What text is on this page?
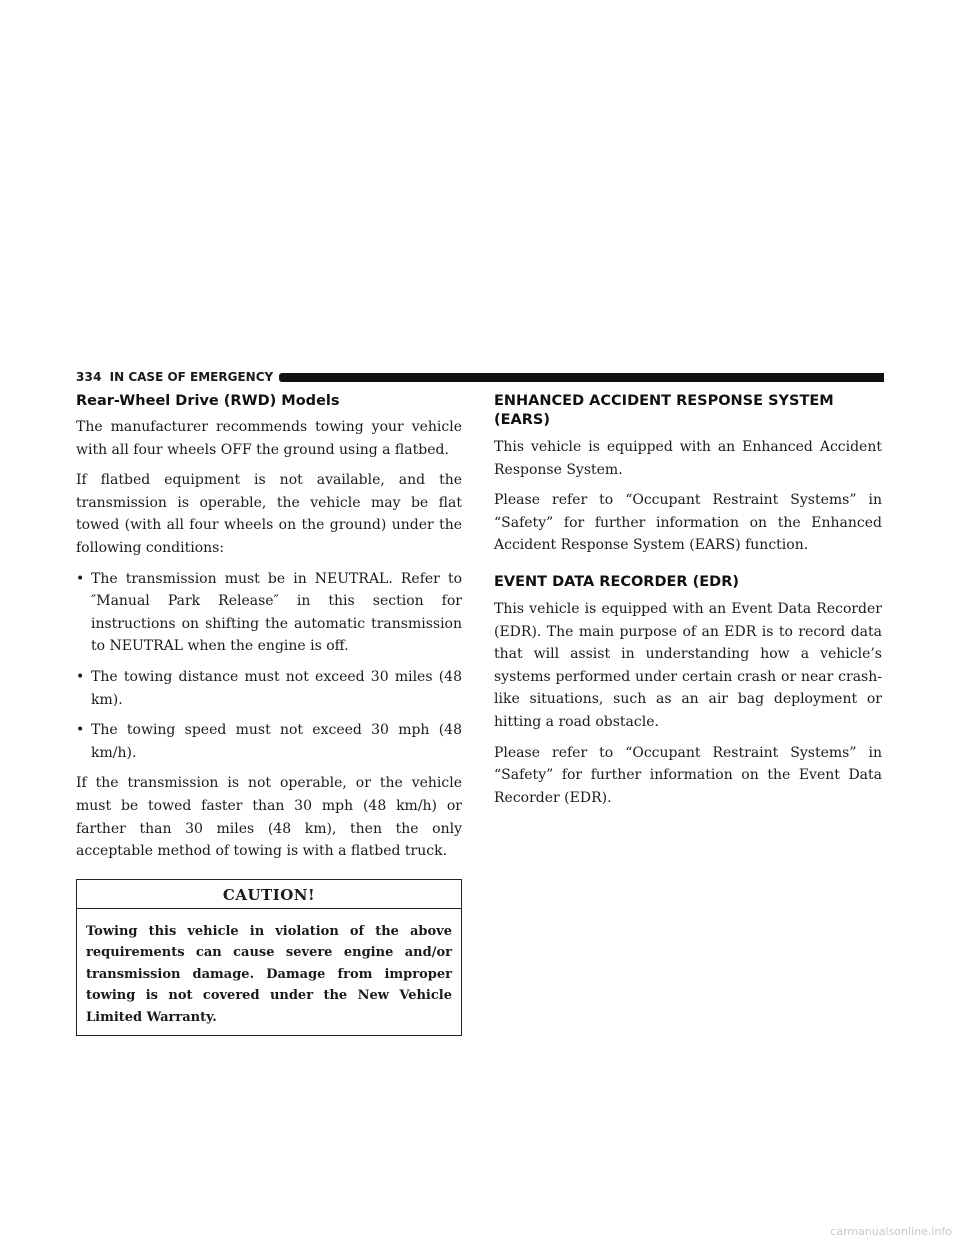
334 IN CASE OF EMERGENCY
Rear-Wheel Drive (RWD) Models

The manufacturer recommends towing your vehicle with all four wheels OFF the ground using a flatbed.

If flatbed equipment is not available, and the transmission is operable, the vehicle may be flat towed (with all four wheels on the ground) under the following conditions:

• The transmission must be in NEUTRAL. Refer to ″Manual Park Release″ in this section for instructions on shifting the automatic transmission to NEUTRAL when the engine is off.
• The towing distance must not exceed 30 miles (48 km).
• The towing speed must not exceed 30 mph (48 km/h).

If the transmission is not operable, or the vehicle must be towed faster than 30 mph (48 km/h) or farther than 30 miles (48 km), then the only acceptable method of towing is with a flatbed truck.

CAUTION!
Towing this vehicle in violation of the above requirements can cause severe engine and/or transmission damage. Damage from improper towing is not covered under the New Vehicle Limited Warranty.
ENHANCED ACCIDENT RESPONSE SYSTEM (EARS)

This vehicle is equipped with an Enhanced Accident Response System.

Please refer to “Occupant Restraint Systems” in “Safety” for further information on the Enhanced Accident Response System (EARS) function.

EVENT DATA RECORDER (EDR)

This vehicle is equipped with an Event Data Recorder (EDR). The main purpose of an EDR is to record data that will assist in understanding how a vehicle’s systems performed under certain crash or near crash-like situations, such as an air bag deployment or hitting a road obstacle.

Please refer to “Occupant Restraint Systems” in “Safety” for further information on the Event Data Recorder (EDR).

carmanualsonline.info
